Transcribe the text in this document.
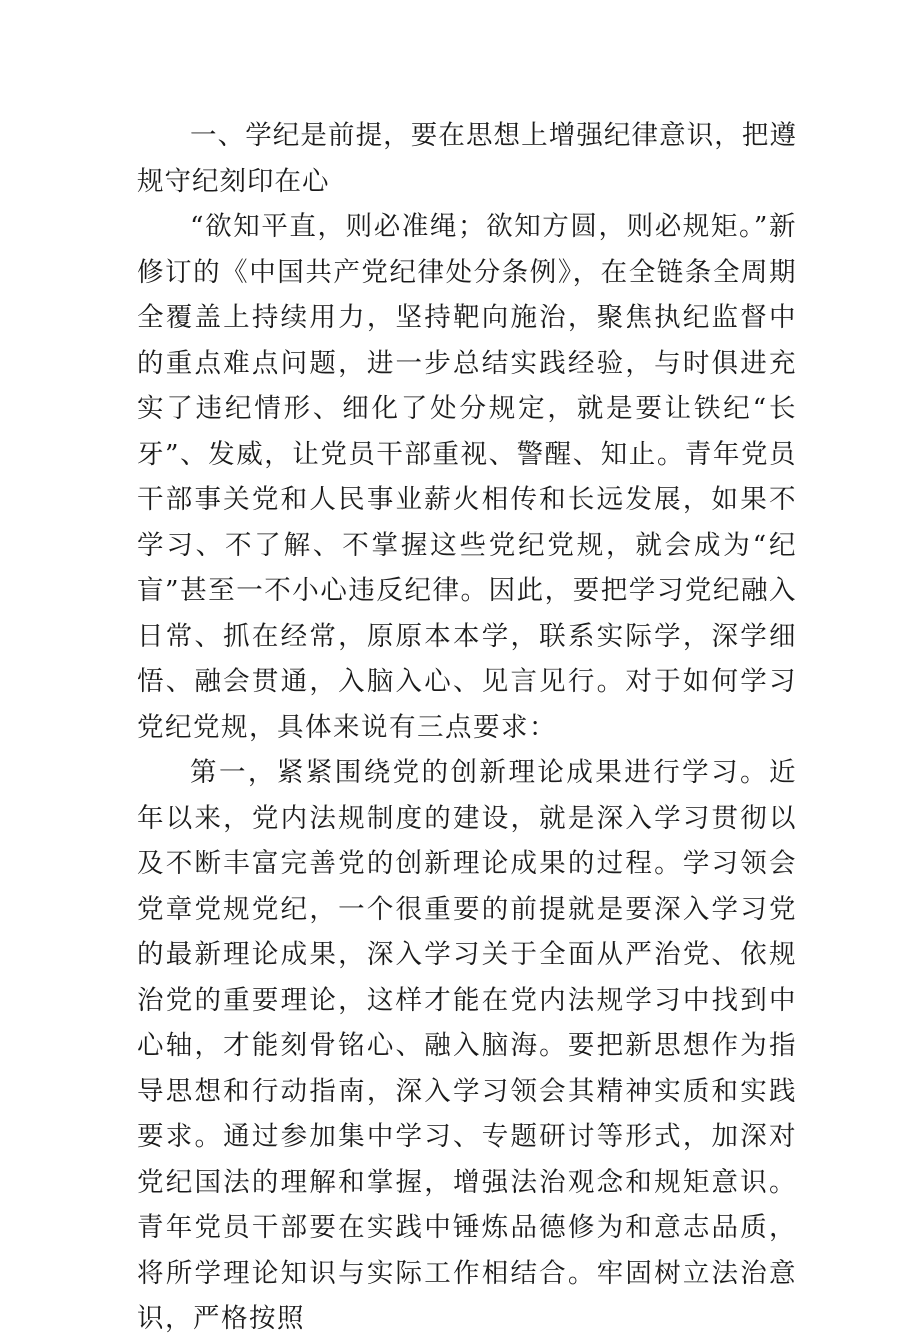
一、学纪是前提，要在思想上增强纪律意识，把遵规守纪刻印在心

“欲知平直，则必准绳；欲知方圆，则必规矩。”新修订的《中国共产党纪律处分条例》，在全链条全周期全覆盖上持续用力，坚持靶向施治，聚焦执纪监督中的重点难点问题，进一步总结实践经验，与时俱进充实了违纪情形、细化了处分规定，就是要让铁纪“长牙”、发威，让党员干部重视、警醒、知止。青年党员干部事关党和人民事业薪火相传和长远发展，如果不学习、不了解、不掌握这些党纪党规，就会成为“纪盲”甚至一不小心违反纪律。因此，要把学习党纪融入日常、抓在经常，原原本本学，联系实际学，深学细悟、融会贯通，入脑入心、见言见行。对于如何学习党纪党规，具体来说有三点要求：

第一，紧紧围绕党的创新理论成果进行学习。近年以来，党内法规制度的建设，就是深入学习贯彻以及不断丰富完善党的创新理论成果的过程。学习领会党章党规党纪，一个很重要的前提就是要深入学习党的最新理论成果，深入学习关于全面从严治党、依规治党的重要理论，这样才能在党内法规学习中找到中心轴，才能刻骨铭心、融入脑海。要把新思想作为指导思想和行动指南，深入学习领会其精神实质和实践要求。通过参加集中学习、专题研讨等形式，加深对党纪国法的理解和掌握，增强法治观念和规矩意识。青年党员干部要在实践中锤炼品德修为和意志品质，将所学理论知识与实际工作相结合。牢固树立法治意识，严格按照
